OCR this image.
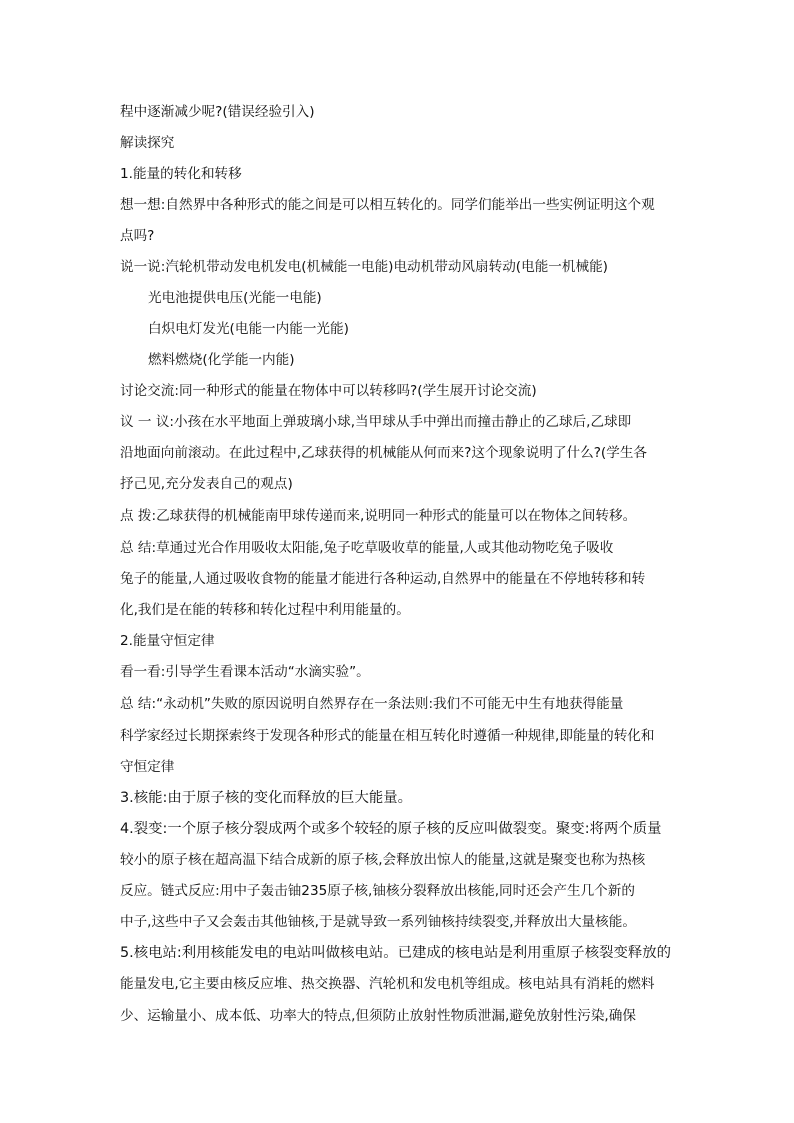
程中逐渐减少呢?(错误经验引入)
解读探究
1.能量的转化和转移
想一想:自然界中各种形式的能之间是可以相互转化的。同学们能举出一些实例证明这个观
点吗?
说一说:汽轮机带动发电机发电(机械能一电能)电动机带动风扇转动(电能一机械能)
光电池提供电压(光能一电能)
白炽电灯发光(电能一内能一光能)
燃料燃烧(化学能一内能)
讨论交流:同一种形式的能量在物体中可以转移吗?(学生展开讨论交流)
议 一 议:小孩在水平地面上弹玻璃小球,当甲球从手中弹出而撞击静止的乙球后,乙球即
沿地面向前滚动。在此过程中,乙球获得的机械能从何而来?这个现象说明了什么?(学生各
抒己见,充分发表自己的观点)
点 拨:乙球获得的机械能南甲球传递而来,说明同一种形式的能量可以在物体之间转移。
总 结:草通过光合作用吸收太阳能,兔子吃草吸收草的能量,人或其他动物吃兔子吸收
兔子的能量,人通过吸收食物的能量才能进行各种运动,自然界中的能量在不停地转移和转
化,我们是在能的转移和转化过程中利用能量的。
2.能量守恒定律
看一看:引导学生看课本活动“水滴实验”。
总 结:“永动机”失败的原因说明自然界存在一条法则:我们不可能无中生有地获得能量
科学家经过长期探索终于发现各种形式的能量在相互转化时遵循一种规律,即能量的转化和
守恒定律
3.核能:由于原子核的变化而释放的巨大能量。
4.裂变:一个原子核分裂成两个或多个较轻的原子核的反应叫做裂变。聚变:将两个质量
较小的原子核在超高温下结合成新的原子核,会释放出惊人的能量,这就是聚变也称为热核
反应。链式反应:用中子轰击铀235原子核,铀核分裂释放出核能,同时还会产生几个新的
中子,这些中子又会轰击其他铀核,于是就导致一系列铀核持续裂变,并释放出大量核能。
5.核电站:利用核能发电的电站叫做核电站。已建成的核电站是利用重原子核裂变释放的
能量发电,它主要由核反应堆、热交换器、汽轮机和发电机等组成。核电站具有消耗的燃料
少、运输量小、成本低、功率大的特点,但须防止放射性物质泄漏,避免放射性污染,确保
